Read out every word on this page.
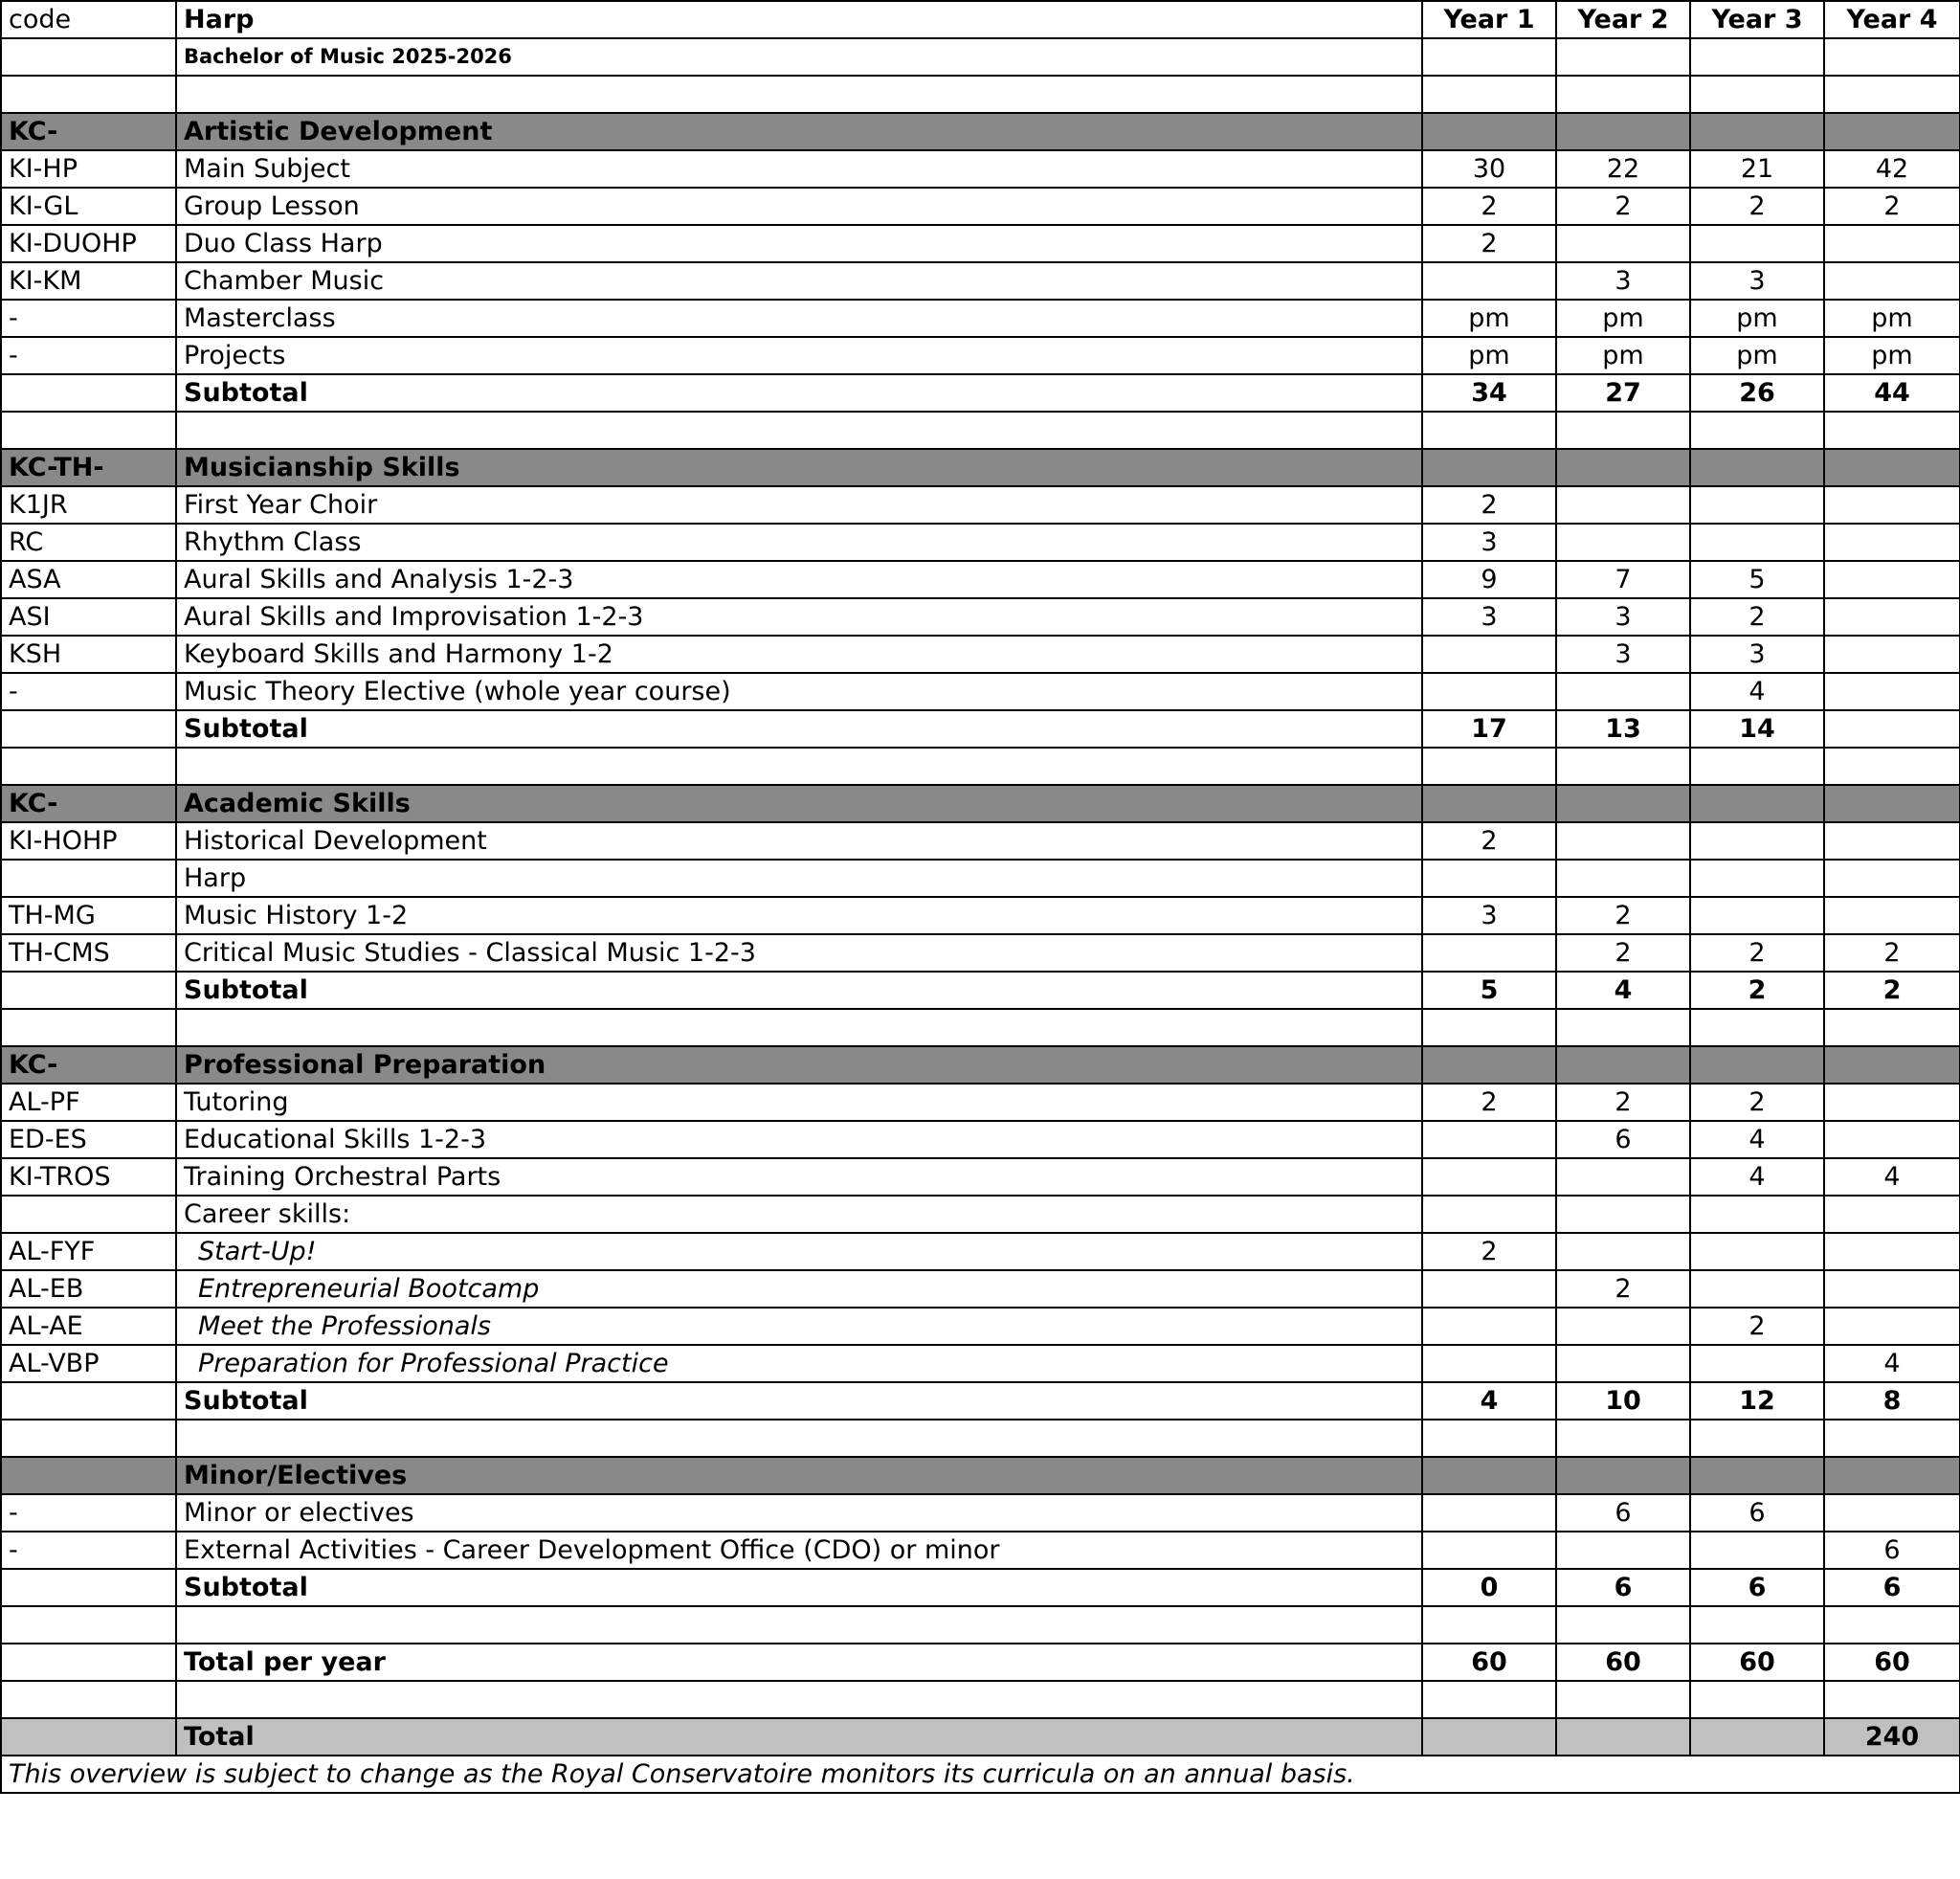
code	Harp	Year 1	Year 2	Year 3	Year 4
	Bachelor of Music 2025-2026				

KC-	Artistic Development				
KI-HP	Main Subject	30	22	21	42
KI-GL	Group Lesson	2	2	2	2
KI-DUOHP	Duo Class Harp	2			
KI-KM	Chamber Music		3	3	
-	Masterclass	pm	pm	pm	pm
-	Projects	pm	pm	pm	pm
	Subtotal	34	27	26	44

KC-TH-	Musicianship Skills				
K1JR	First Year Choir	2			
RC	Rhythm Class	3			
ASA	Aural Skills and Analysis 1-2-3	9	7	5	
ASI	Aural Skills and Improvisation 1-2-3	3	3	2	
KSH	Keyboard Skills and Harmony 1-2		3	3	
-	Music Theory Elective (whole year course)			4	
	Subtotal	17	13	14	

KC-	Academic Skills				
KI-HOHP	Historical Development	2			
	Harp				
TH-MG	Music History 1-2	3	2		
TH-CMS	Critical Music Studies - Classical Music 1-2-3		2	2	2
	Subtotal	5	4	2	2

KC-	Professional Preparation				
AL-PF	Tutoring	2	2	2	
ED-ES	Educational Skills 1-2-3		6	4	
KI-TROS	Training Orchestral Parts			4	4
	Career skills:				
AL-FYF	Start-Up!	2			
AL-EB	Entrepreneurial Bootcamp		2		
AL-AE	Meet the Professionals			2	
AL-VBP	Preparation for Professional Practice				4
	Subtotal	4	10	12	8

	Minor/Electives				
-	Minor or electives		6	6	
-	External Activities - Career Development Office (CDO) or minor				6
	Subtotal	0	6	6	6

	Total per year	60	60	60	60

	Total				240
This overview is subject to change as the Royal Conservatoire monitors its curricula on an annual basis.					
